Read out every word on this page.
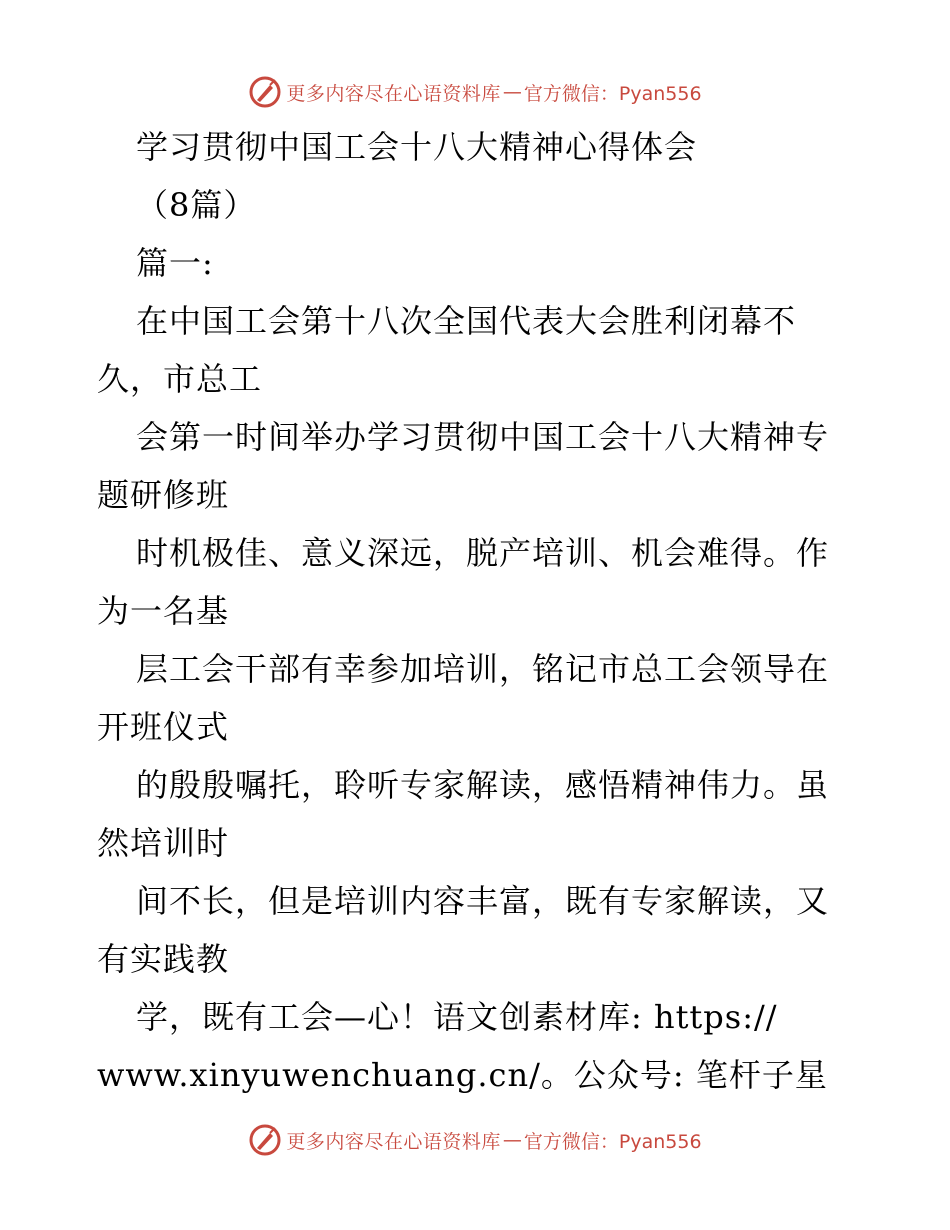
更多内容尽在心语资料库 — 官方微信：Pyan556
学习贯彻中国工会十八大精神心得体会
（8篇）
篇一:
在中国工会第十八次全国代表大会胜利闭幕不
久，市总工
会第一时间举办学习贯彻中国工会十八大精神专
题研修班
时机极佳、意义深远，脱产培训、机会难得。作
为一名基
层工会干部有幸参加培训，铭记市总工会领导在
开班仪式
的殷殷嘱托，聆听专家解读，感悟精神伟力。虽
然培训时
间不长，但是培训内容丰富，既有专家解读，又
有实践教
学，既有工会—心！语文创素材库: https://
www.xinyuwenchuang.cn/。公众号: 笔杆子星
更多内容尽在心语资料库 — 官方微信：Pyan556
